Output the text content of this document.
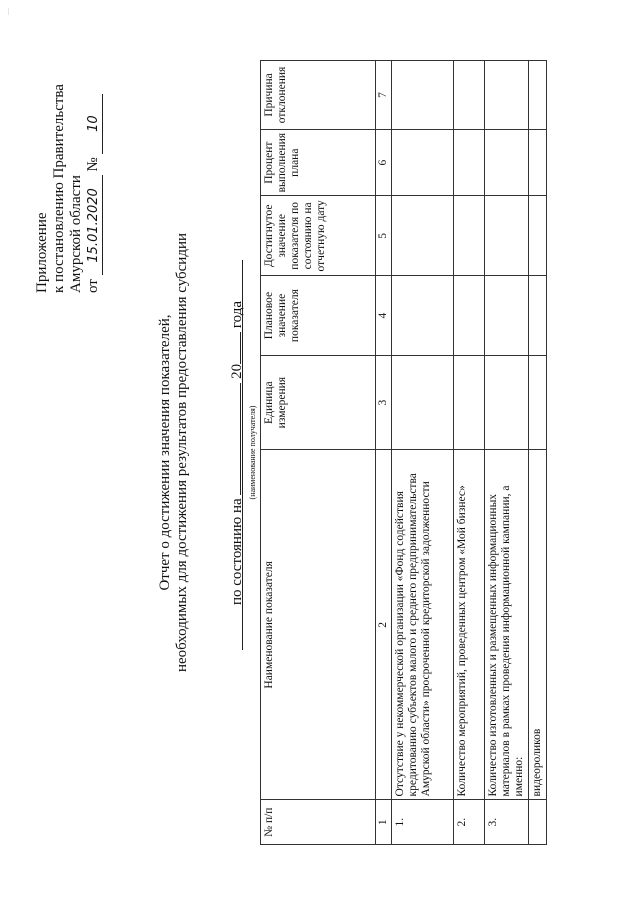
—
Приложение к постановлению Правительства Амурской области от 15.01.2020 № 10
Отчет о достижении значения показателей, необходимых для достижения результатов предоставления субсидии	по состоянию на  20 года
(наименование получателя)
№ п/п	Наименование показателя	Единица измерения	Плановое значение показателя	Достигнутое значение показателя по состоянию на отчетную дату	Процент выполнения плана	Причина отклонения
1	2	3	4	5	6	7
1.	Отсутствие у некоммерческой организации «Фонд содействия кредитованию субъектов малого и среднего предпринимательства Амурской области» просроченной кредиторской задолженности					
2.	Количество мероприятий, проведенных центром «Мой бизнес»					
3.	Количество изготовленных и размещенных информационных материалов в рамках проведения информационной кампании, а именно:					
	видеороликов					
